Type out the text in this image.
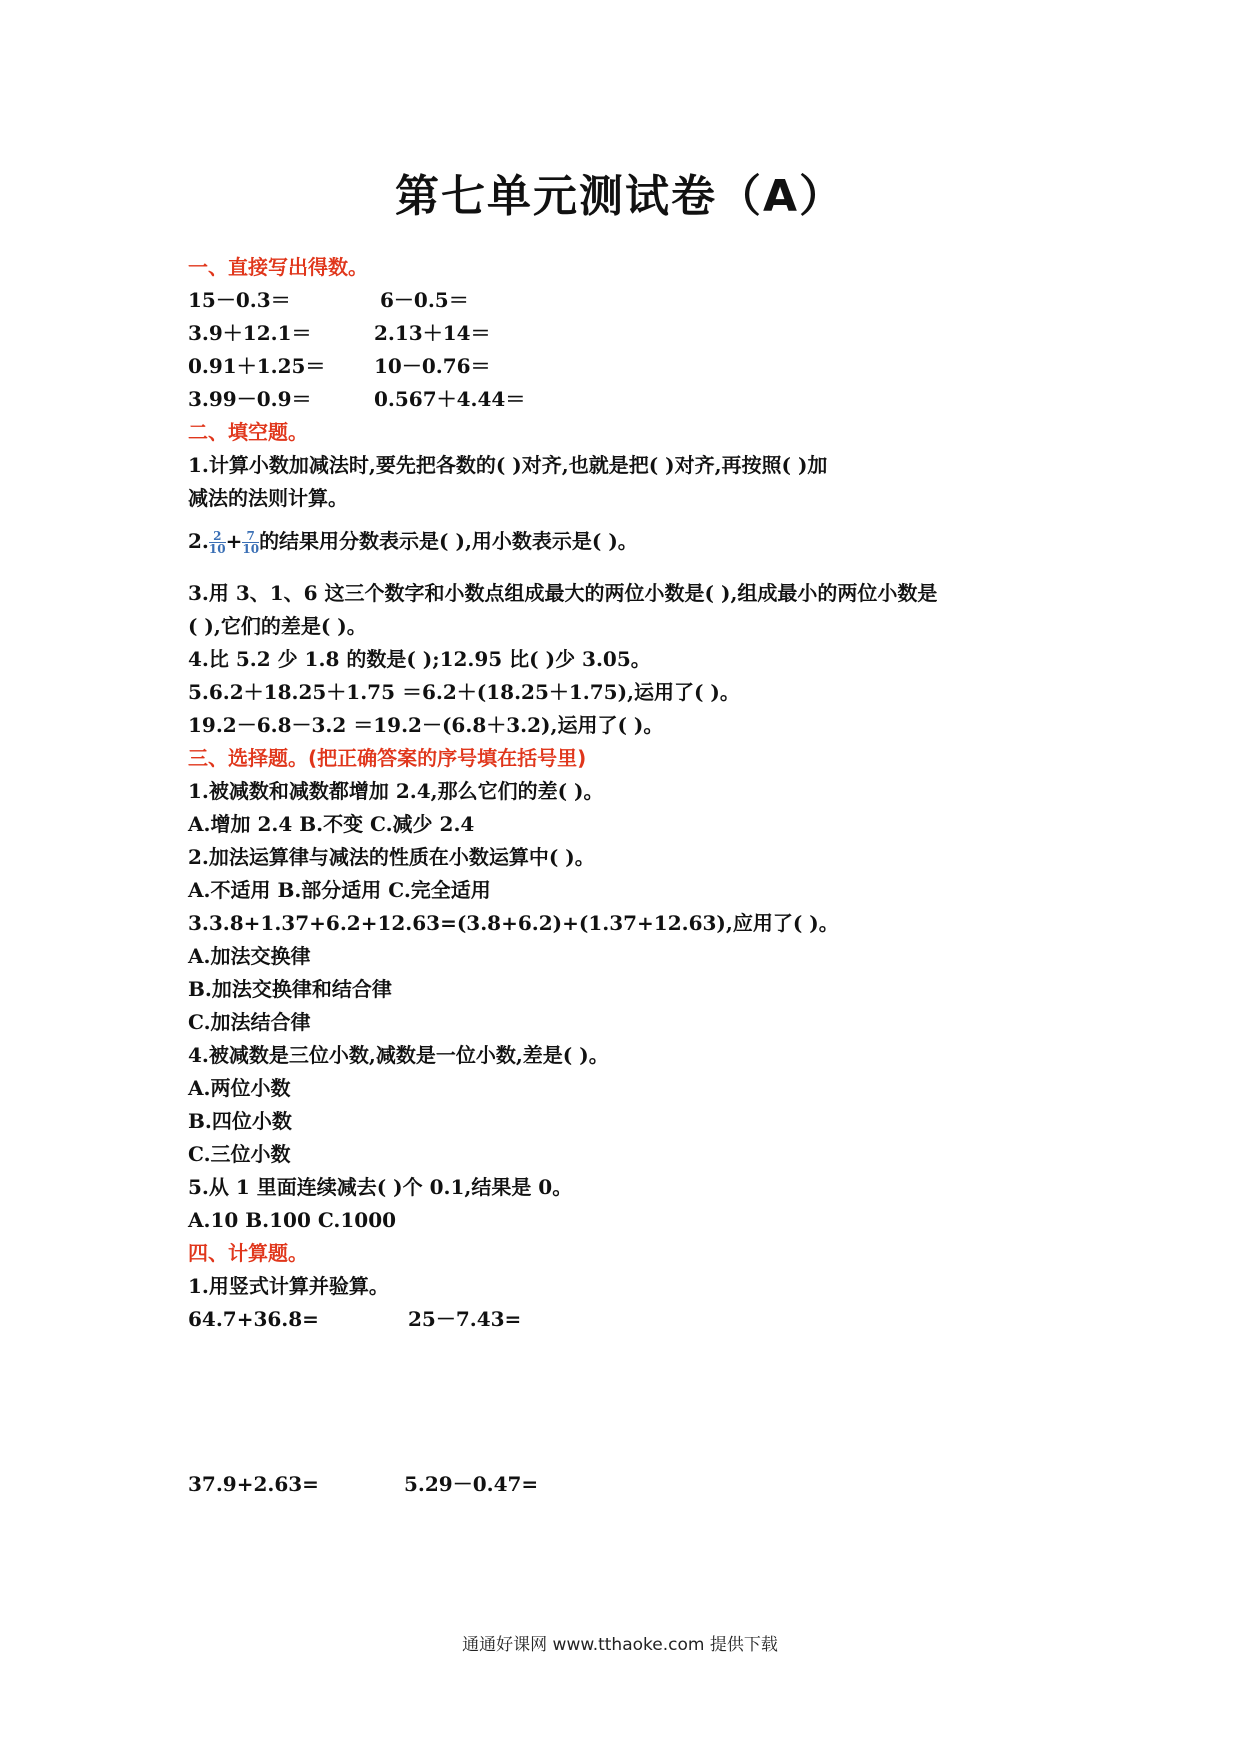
第七单元测试卷（A）
一、直接写出得数。
15－0.3＝	6－0.5＝
3.9＋12.1＝	2.13＋14＝
0.91＋1.25＝ 10－0.76＝
3.99－0.9＝	0.567＋4.44＝
二、填空题。
1.计算小数加减法时,要先把各数的( )对齐,也就是把( )对齐,再按照( )加
减法的法则计算。
2. $\frac{2}{10} + \frac{7}{10}$ 的结果用分数表示是( ),用小数表示是( )。
3.用 3、1、6 这三个数字和小数点组成最大的两位小数是( ),组成最小的两位小数是
( ),它们的差是( )。
4.比 5.2 少 1.8 的数是( );12.95 比( )少 3.05。
5.6.2＋18.25＋1.75 ＝6.2＋(18.25＋1.75),运用了( )。
19.2－6.8－3.2 ＝19.2－(6.8＋3.2),运用了( )。
三、选择题。(把正确答案的序号填在括号里)
1.被减数和减数都增加 2.4,那么它们的差( )。
A.增加 2.4 B.不变 C.减少 2.4
2.加法运算律与减法的性质在小数运算中( )。
A.不适用 B.部分适用 C.完全适用
3.3.8+1.37+6.2+12.63=(3.8+6.2)+(1.37+12.63),应用了( )。
A.加法交换律
B.加法交换律和结合律
C.加法结合律
4.被减数是三位小数,减数是一位小数,差是( )。
A.两位小数
B.四位小数
C.三位小数
5.从 1 里面连续减去( )个 0.1,结果是 0。
A.10 B.100 C.1000
四、计算题。
1.用竖式计算并验算。
64.7+36.8=	25－7.43=
37.9+2.63=	5.29－0.47=
通通好课网 www.tthaoke.com 提供下载
